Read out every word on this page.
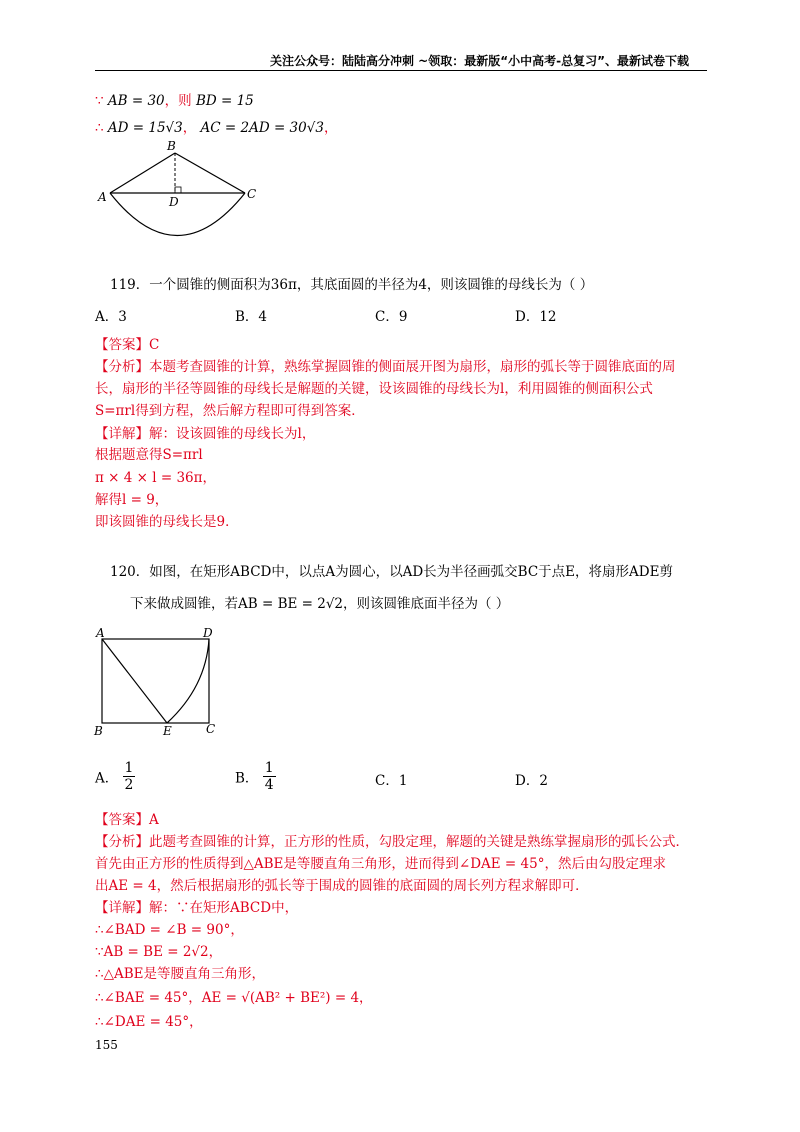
关注公众号：陆陆高分冲刺 ~领取：最新版“小中高考-总复习”、最新试卷下载
∵ AB = 30，则 BD = 15
∴ AD = 15√3， AC = 2AD = 30√3，
B
A	D
C
119．一个圆锥的侧面积为36π，其底面圆的半径为4，则该圆锥的母线长为（ ）
A．3	B．4	C．9	D．12
【答案】C
【分析】本题考查圆锥的计算，熟练掌握圆锥的侧面展开图为扇形，扇形的弧长等于圆锥底面的周
长，扇形的半径等圆锥的母线长是解题的关键，设该圆锥的母线长为l，利用圆锥的侧面积公式
S=πrl得到方程，然后解方程即可得到答案．
【详解】解：设该圆锥的母线长为l，
根据题意得S=πrl
π × 4 × l = 36π，
解得l = 9，
即该圆锥的母线长是9．
120．如图，在矩形ABCD中，以点A为圆心，以AD长为半径画弧交BC于点E，将扇形ADE剪
下来做成圆锥，若AB = BE = 2√2，则该圆锥底面半径为（ ）
A	D
B	E	C
A． $\frac{1}{2}$	B． $\frac{1}{4}$	C．1	D．2
【答案】A
【分析】此题考查圆锥的计算，正方形的性质，勾股定理，解题的关键是熟练掌握扇形的弧长公式．
首先由正方形的性质得到△ABE是等腰直角三角形，进而得到∠DAE = 45°，然后由勾股定理求
出AE = 4，然后根据扇形的弧长等于围成的圆锥的底面圆的周长列方程求解即可．
【详解】解：∵在矩形ABCD中，
∴∠BAD = ∠B = 90°，
∵AB = BE = 2√2，
∴△ABE是等腰直角三角形，
∴∠BAE = 45°，AE = √(AB² + BE²) = 4，
∴∠DAE = 45°，
155
